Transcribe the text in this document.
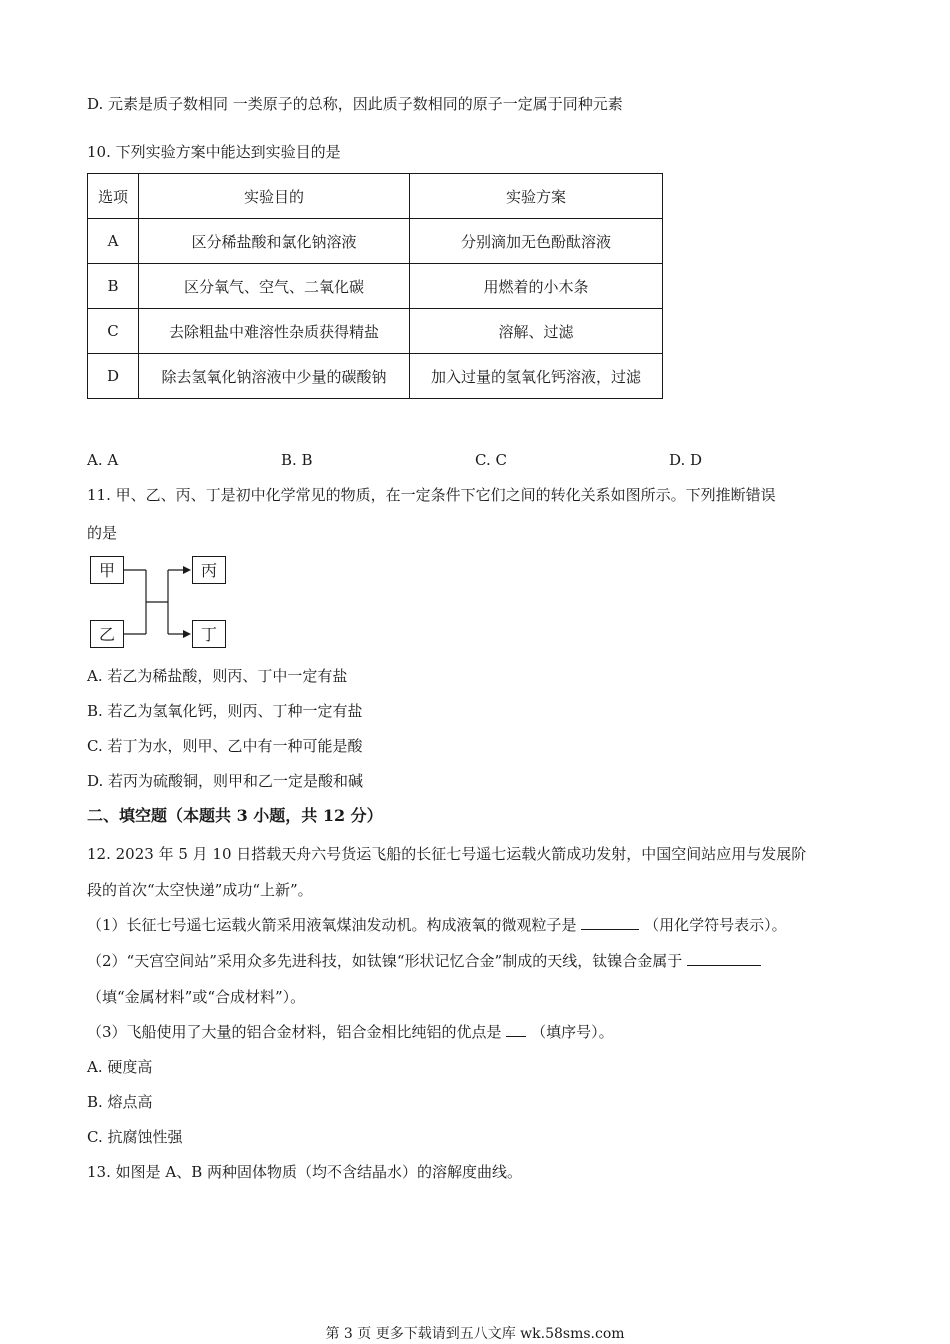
D. 元素是质子数相同 一类原子的总称，因此质子数相同的原子一定属于同种元素
10. 下列实验方案中能达到实验目的是
选项	实验目的	实验方案
A	区分稀盐酸和氯化钠溶液	分别滴加无色酚酞溶液
B	区分氧气、空气、二氧化碳	用燃着的小木条
C	去除粗盐中难溶性杂质获得精盐	溶解、过滤
D	除去氢氧化钠溶液中少量的碳酸钠	加入过量的氢氧化钙溶液，过滤
A. A	B. B	C. C	D. D
11. 甲、乙、丙、丁是初中化学常见的物质，在一定条件下它们之间的转化关系如图所示。下列推断错误
的是
甲
乙
丙
丁
A. 若乙为稀盐酸，则丙、丁中一定有盐
B. 若乙为氢氧化钙，则丙、丁种一定有盐
C. 若丁为水，则甲、乙中有一种可能是酸
D. 若丙为硫酸铜，则甲和乙一定是酸和碱
二、填空题（本题共 3 小题，共 12 分）
12. 2023 年 5 月 10 日搭载天舟六号货运飞船的长征七号遥七运载火箭成功发射，中国空间站应用与发展阶
段的首次“太空快递”成功“上新”。
（1）长征七号遥七运载火箭采用液氧煤油发动机。构成液氧的微观粒子是	（用化学符号表示）。
（2）“天宫空间站”采用众多先进科技，如钛镍“形状记忆合金”制成的天线，钛镍合金属于
（填“金属材料”或“合成材料”）。
（3）飞船使用了大量的铝合金材料，铝合金相比纯铝的优点是 （填序号）。
A. 硬度高
B. 熔点高
C. 抗腐蚀性强
13. 如图是 A、B 两种固体物质（均不含结晶水）的溶解度曲线。
第 3 页 更多下载请到五八文库 wk.58sms.com
